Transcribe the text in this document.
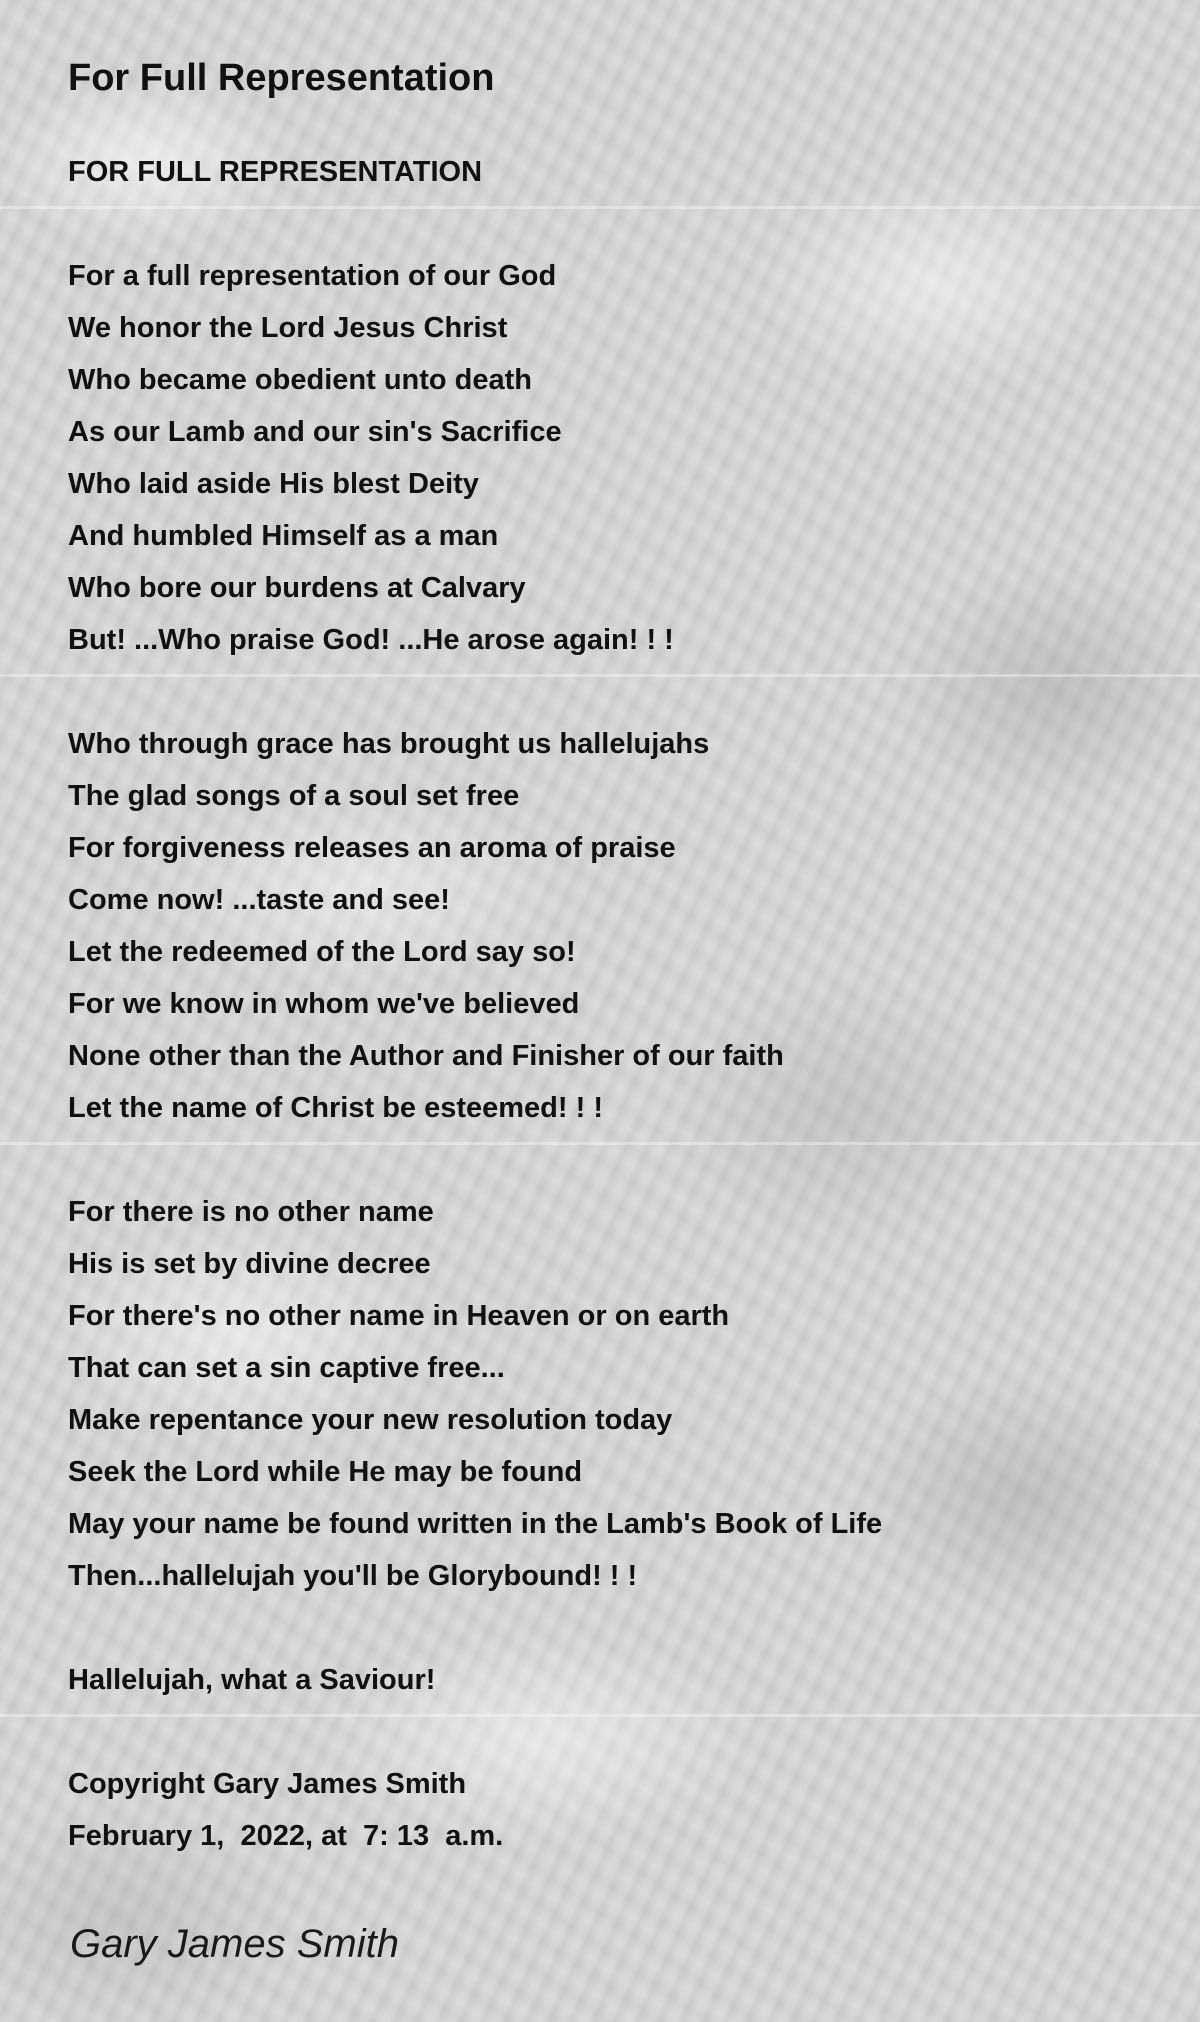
For Full Representation
FOR FULL REPRESENTATION
For a full representation of our God
We honor the Lord Jesus Christ
Who became obedient unto death
As our Lamb and our sin's Sacrifice
Who laid aside His blest Deity
And humbled Himself as a man
Who bore our burdens at Calvary
But! ...Who praise God! ...He arose again! ! !
Who through grace has brought us hallelujahs
The glad songs of a soul set free
For forgiveness releases an aroma of praise
Come now! ...taste and see!
Let the redeemed of the Lord say so!
For we know in whom we've believed
None other than the Author and Finisher of our faith
Let the name of Christ be esteemed! ! !
For there is no other name
His is set by divine decree
For there's no other name in Heaven or on earth
That can set a sin captive free...
Make repentance your new resolution today
Seek the Lord while He may be found
May your name be found written in the Lamb's Book of Life
Then...hallelujah you'll be Glorybound! ! !
Hallelujah, what a Saviour!
Copyright Gary James Smith
February 1,  2022, at  7: 13  a.m.
Gary James Smith
